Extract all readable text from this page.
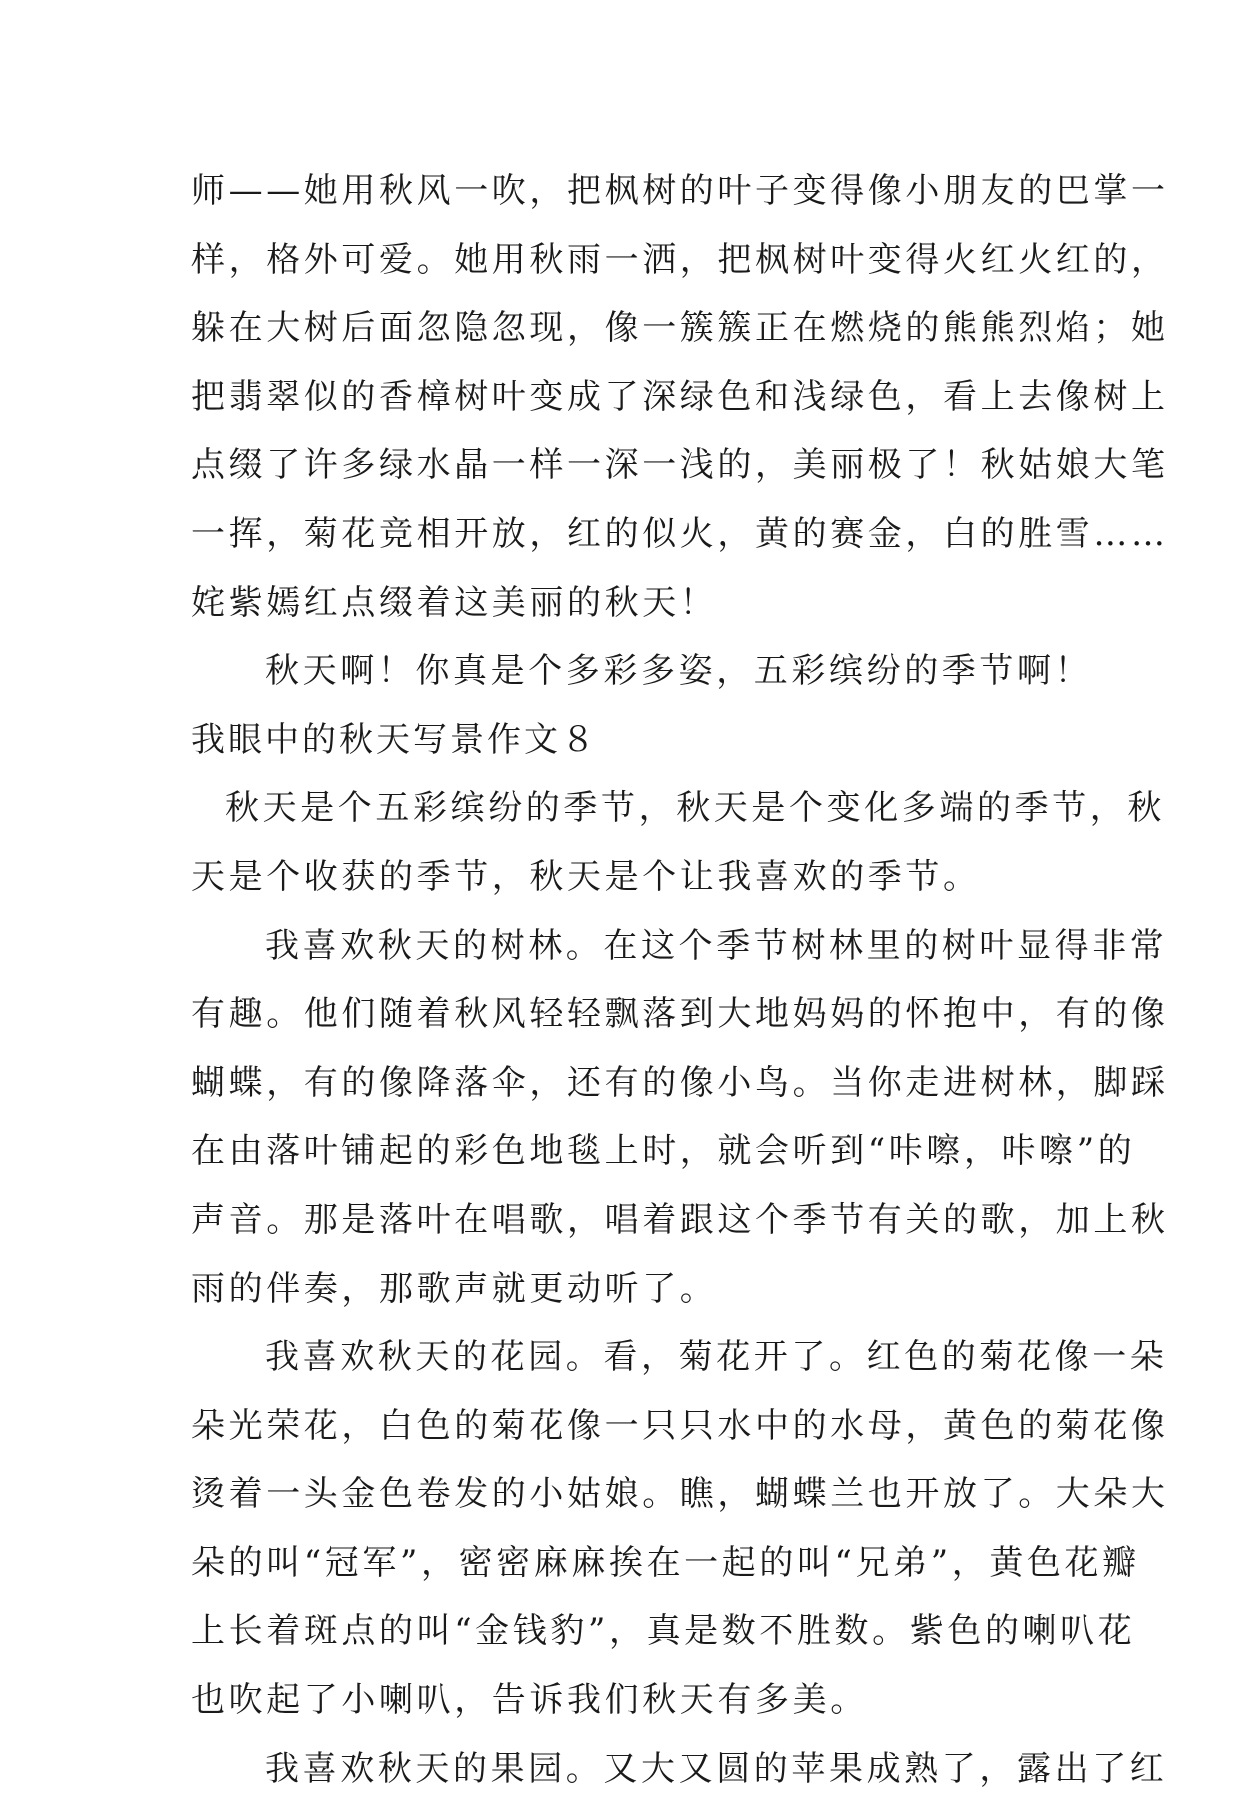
师——她用秋风一吹，把枫树的叶子变得像小朋友的巴掌一
样，格外可爱。她用秋雨一洒，把枫树叶变得火红火红的，
躲在大树后面忽隐忽现，像一簇簇正在燃烧的熊熊烈焰；她
把翡翠似的香樟树叶变成了深绿色和浅绿色，看上去像树上
点缀了许多绿水晶一样一深一浅的，美丽极了！秋姑娘大笔
一挥，菊花竞相开放，红的似火，黄的赛金，白的胜雪……
姹紫嫣红点缀着这美丽的秋天！
秋天啊！你真是个多彩多姿，五彩缤纷的季节啊！
我眼中的秋天写景作文８
秋天是个五彩缤纷的季节，秋天是个变化多端的季节，秋
天是个收获的季节，秋天是个让我喜欢的季节。
我喜欢秋天的树林。在这个季节树林里的树叶显得非常
有趣。他们随着秋风轻轻飘落到大地妈妈的怀抱中，有的像
蝴蝶，有的像降落伞，还有的像小鸟。当你走进树林，脚踩
在由落叶铺起的彩色地毯上时，就会听到“咔嚓，咔嚓”的
声音。那是落叶在唱歌，唱着跟这个季节有关的歌，加上秋
雨的伴奏，那歌声就更动听了。
我喜欢秋天的花园。看，菊花开了。红色的菊花像一朵
朵光荣花，白色的菊花像一只只水中的水母，黄色的菊花像
烫着一头金色卷发的小姑娘。瞧，蝴蝶兰也开放了。大朵大
朵的叫“冠军”，密密麻麻挨在一起的叫“兄弟”，黄色花瓣
上长着斑点的叫“金钱豹”，真是数不胜数。紫色的喇叭花
也吹起了小喇叭，告诉我们秋天有多美。
我喜欢秋天的果园。又大又圆的苹果成熟了，露出了红
